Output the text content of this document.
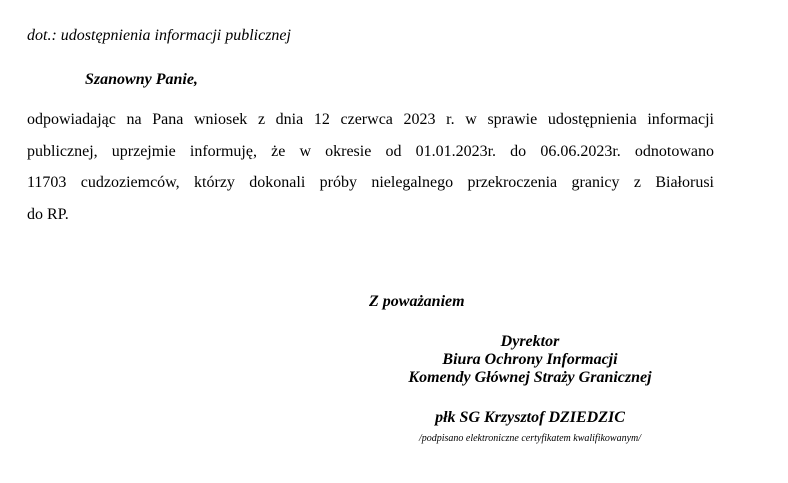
dot.: udostępnienia informacji publicznej
Szanowny Panie,
odpowiadając na Pana wniosek z dnia 12 czerwca 2023 r. w sprawie udostępnienia informacji
publicznej, uprzejmie informuję, że w okresie od 01.01.2023r. do 06.06.2023r. odnotowano
11703 cudzoziemców, którzy dokonali próby nielegalnego przekroczenia granicy z Białorusi
do RP.
Z poważaniem
Dyrektor
Biura Ochrony Informacji
Komendy Głównej Straży Granicznej
płk SG Krzysztof DZIEDZIC
/podpisano elektroniczne certyfikatem kwalifikowanym/
